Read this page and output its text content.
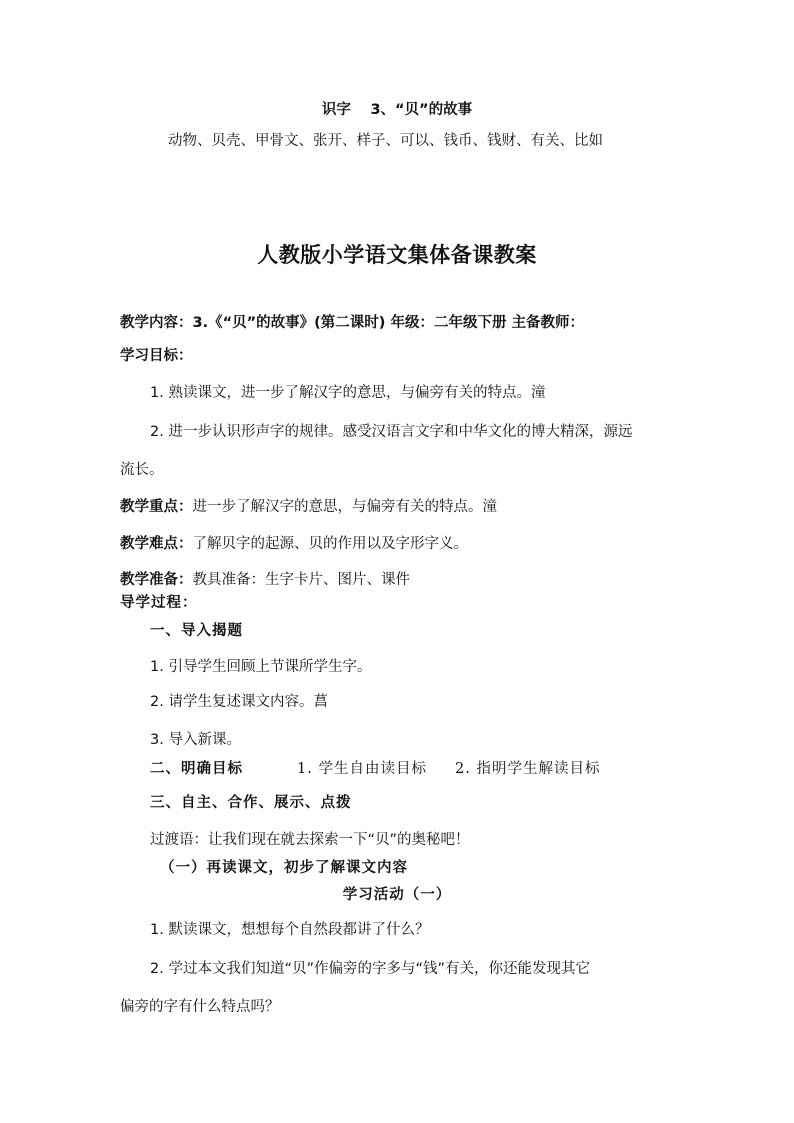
识字　 3、“贝”的故事
动物、贝壳、甲骨文、张开、样子、可以、钱币、钱财、有关、比如
人教版小学语文集体备课教案
教学内容：3.《“贝”的故事》(第二课时) 年级：二年级下册 主备教师：
学习目标：
1. 熟读课文，进一步了解汉字的意思，与偏旁有关的特点。潼
2. 进一步认识形声字的规律。感受汉语言文字和中华文化的博大精深，源远
流长。
教学重点：进一步了解汉字的意思，与偏旁有关的特点。潼
教学难点：了解贝字的起源、贝的作用以及字形字义。
教学准备：教具准备：生字卡片、图片、课件
导学过程：
一、导入揭题
1. 引导学生回顾上节课所学生字。
2. 请学生复述课文内容。菖
3. 导入新课。
二、明确目标	1. 学生自由读目标 2. 指明学生解读目标
三、自主、合作、展示、点拨
过渡语：让我们现在就去探索一下“贝”的奥秘吧！
（一）再读课文，初步了解课文内容
学习活动（一）
1. 默读课文，想想每个自然段都讲了什么？
2. 学过本文我们知道“贝”作偏旁的字多与“钱”有关，你还能发现其它
偏旁的字有什么特点吗？
